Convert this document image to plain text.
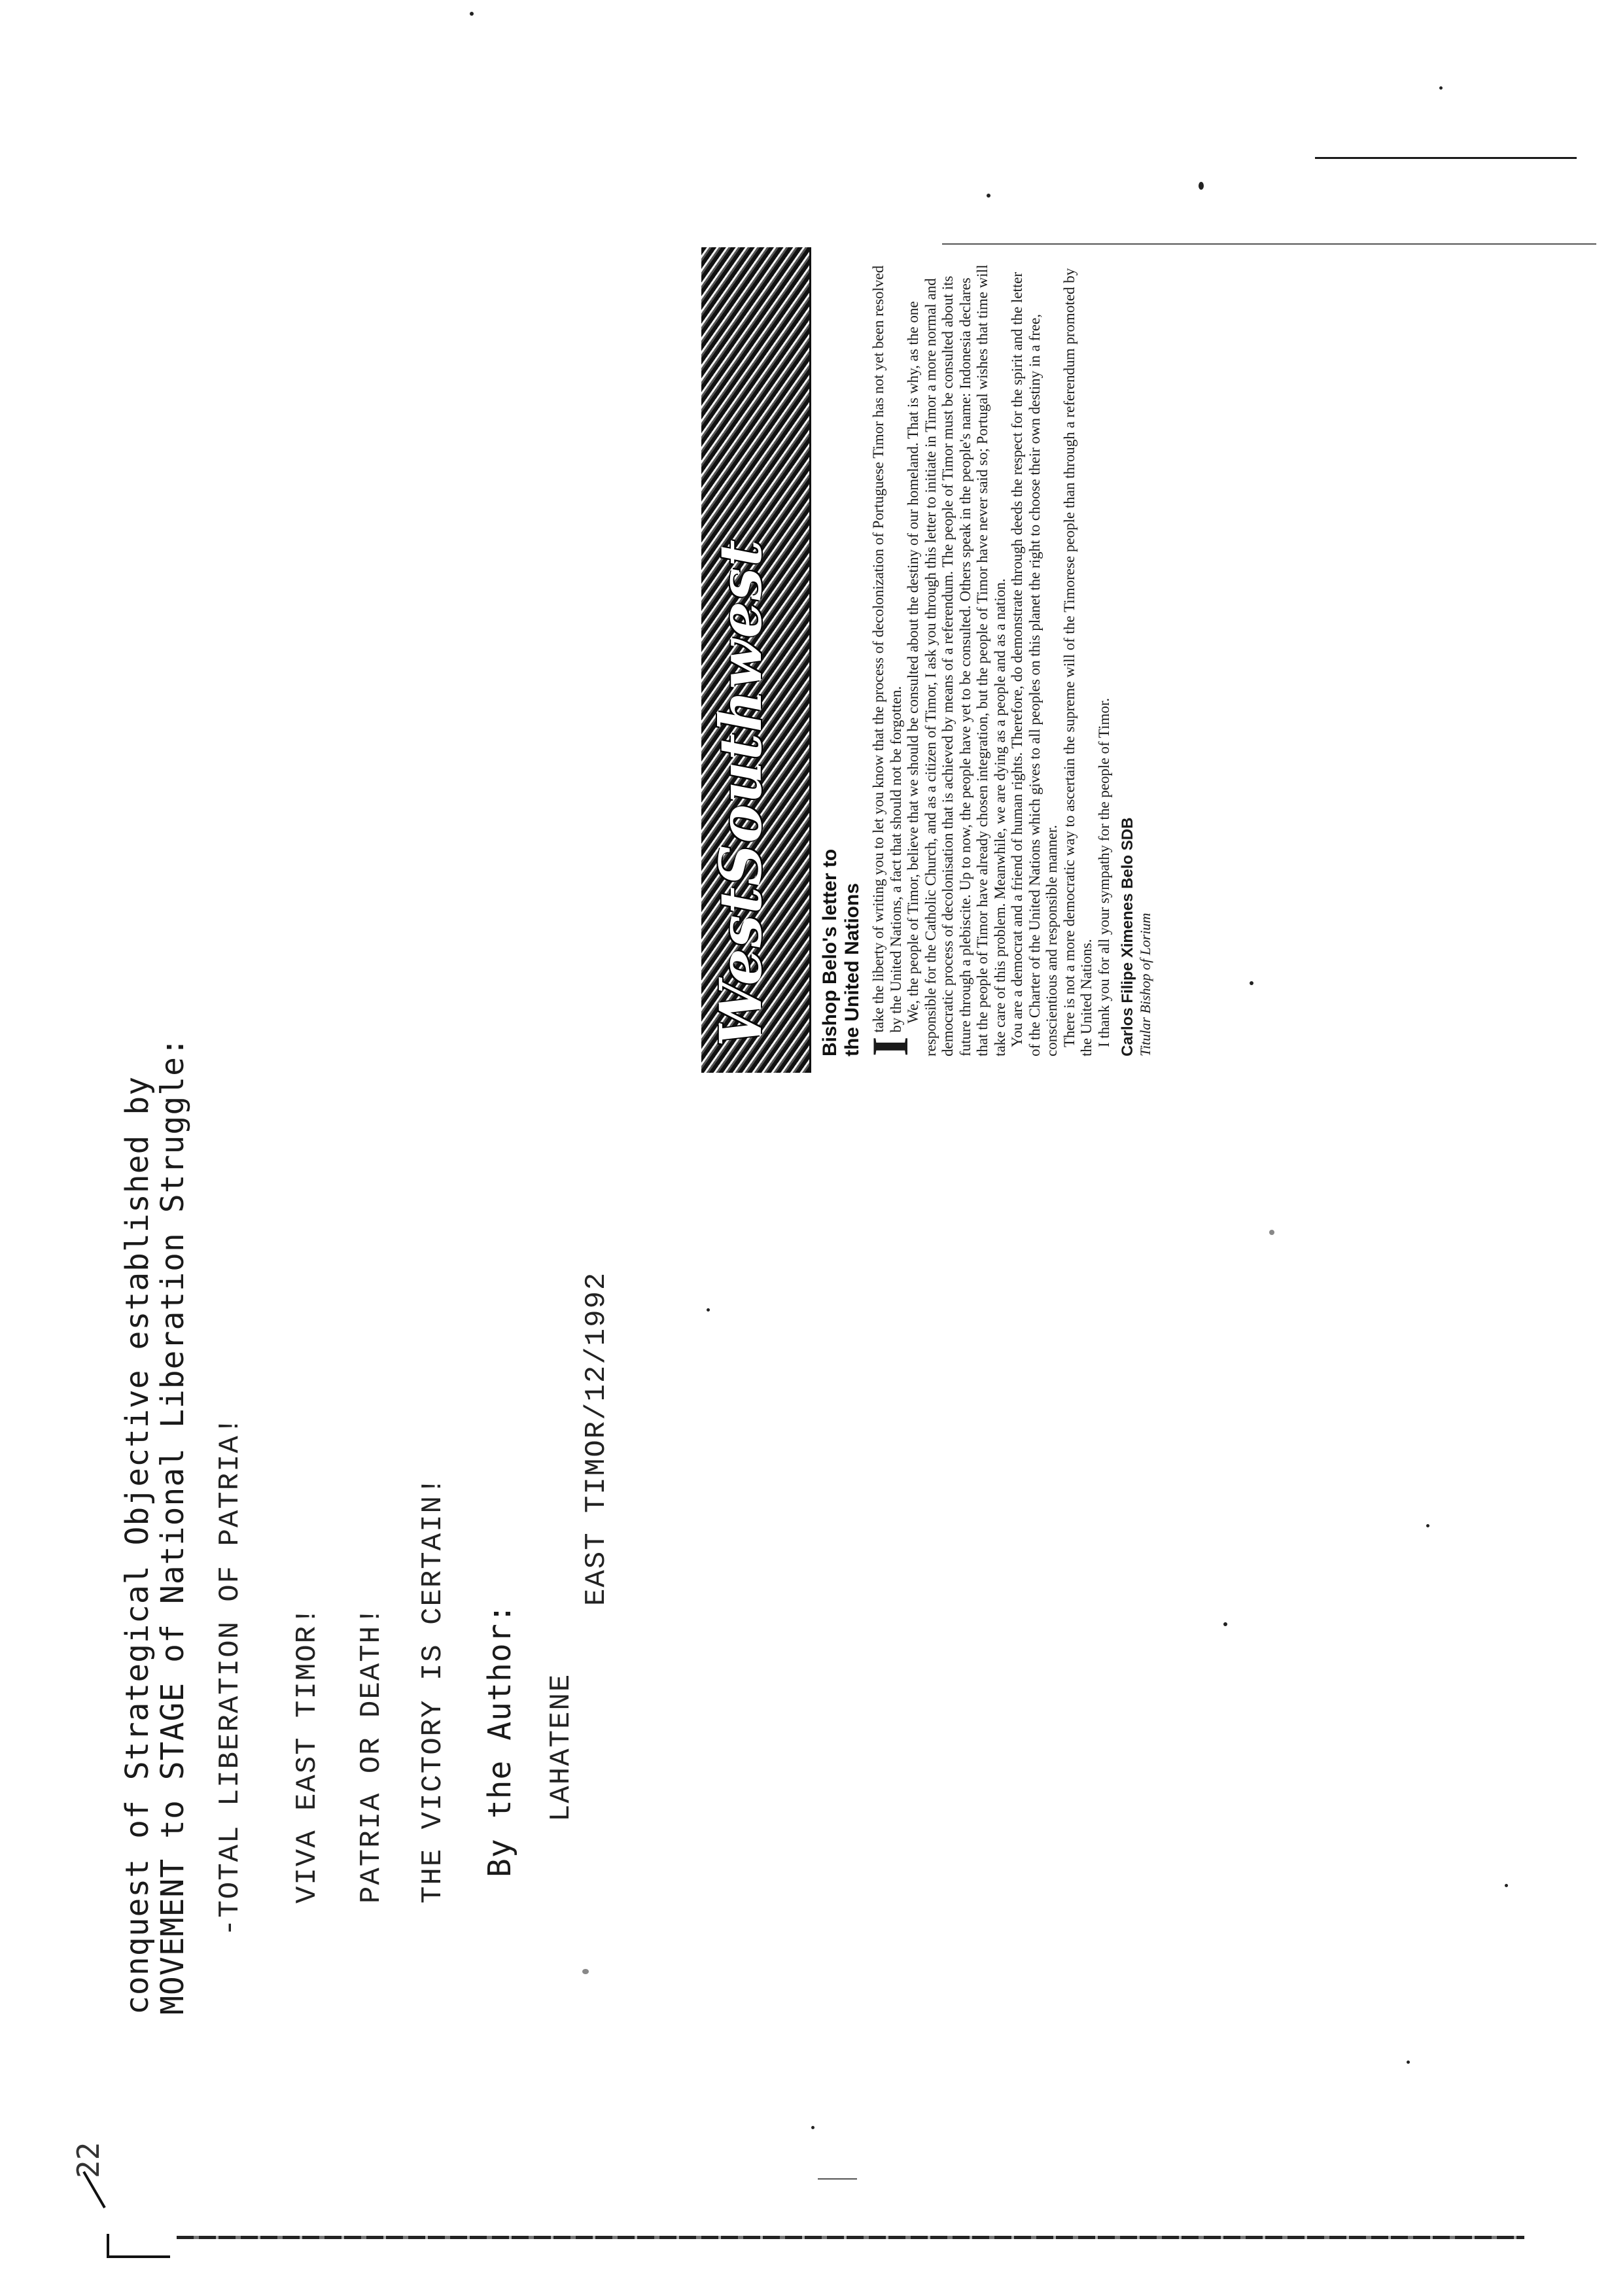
22
conquest of Strategical Objective established by
MOVEMENT to STAGE of National Liberation Struggle: -TOTAL LIBERATION OF PATRIA! VIVA EAST TIMOR! PATRIA OR DEATH! THE VICTORY IS CERTAIN! By the Author: LAHATENE
EAST TIMOR/12/1992
WestSouthwest Bishop Belo's letter to the United Nations

I
take the liberty of writing you to let you know that the process of decolonization of Portuguese Timor has not yet been resolved by the United Nations, a fact that should not be forgotten. We, the people of Timor, believe that we should be consulted about the destiny of our homeland. That is why, as the one responsible for the Catholic Church, and as a citizen of Timor, I ask you through this letter to initiate in Timor a more normal and democratic process of decolonisation that is achieved by means of a referendum. The people of Timor must be consulted about its future through a plebiscite. Up to now, the people have yet to be consulted. Others speak in the people's name: Indonesia declares that the people of Timor have already chosen integration, but the people of Timor have never said so; Portugal wishes that time will take care of this problem. Meanwhile, we are dying as a people and as a nation. You are a democrat and a friend of human rights. Therefore, do demonstrate through deeds the respect for the spirit and the letter of the Charter of the United Nations which gives to all peoples on this planet the right to choose their own destiny in a free, conscientious and responsible manner. There is not a more democratic way to ascertain the supreme will of the Timorese people than through a referendum promoted by the United Nations. I thank you for all your sympathy for the people of Timor. Carlos Filipe Ximenes Belo SDB Titular Bishop of Lorium
